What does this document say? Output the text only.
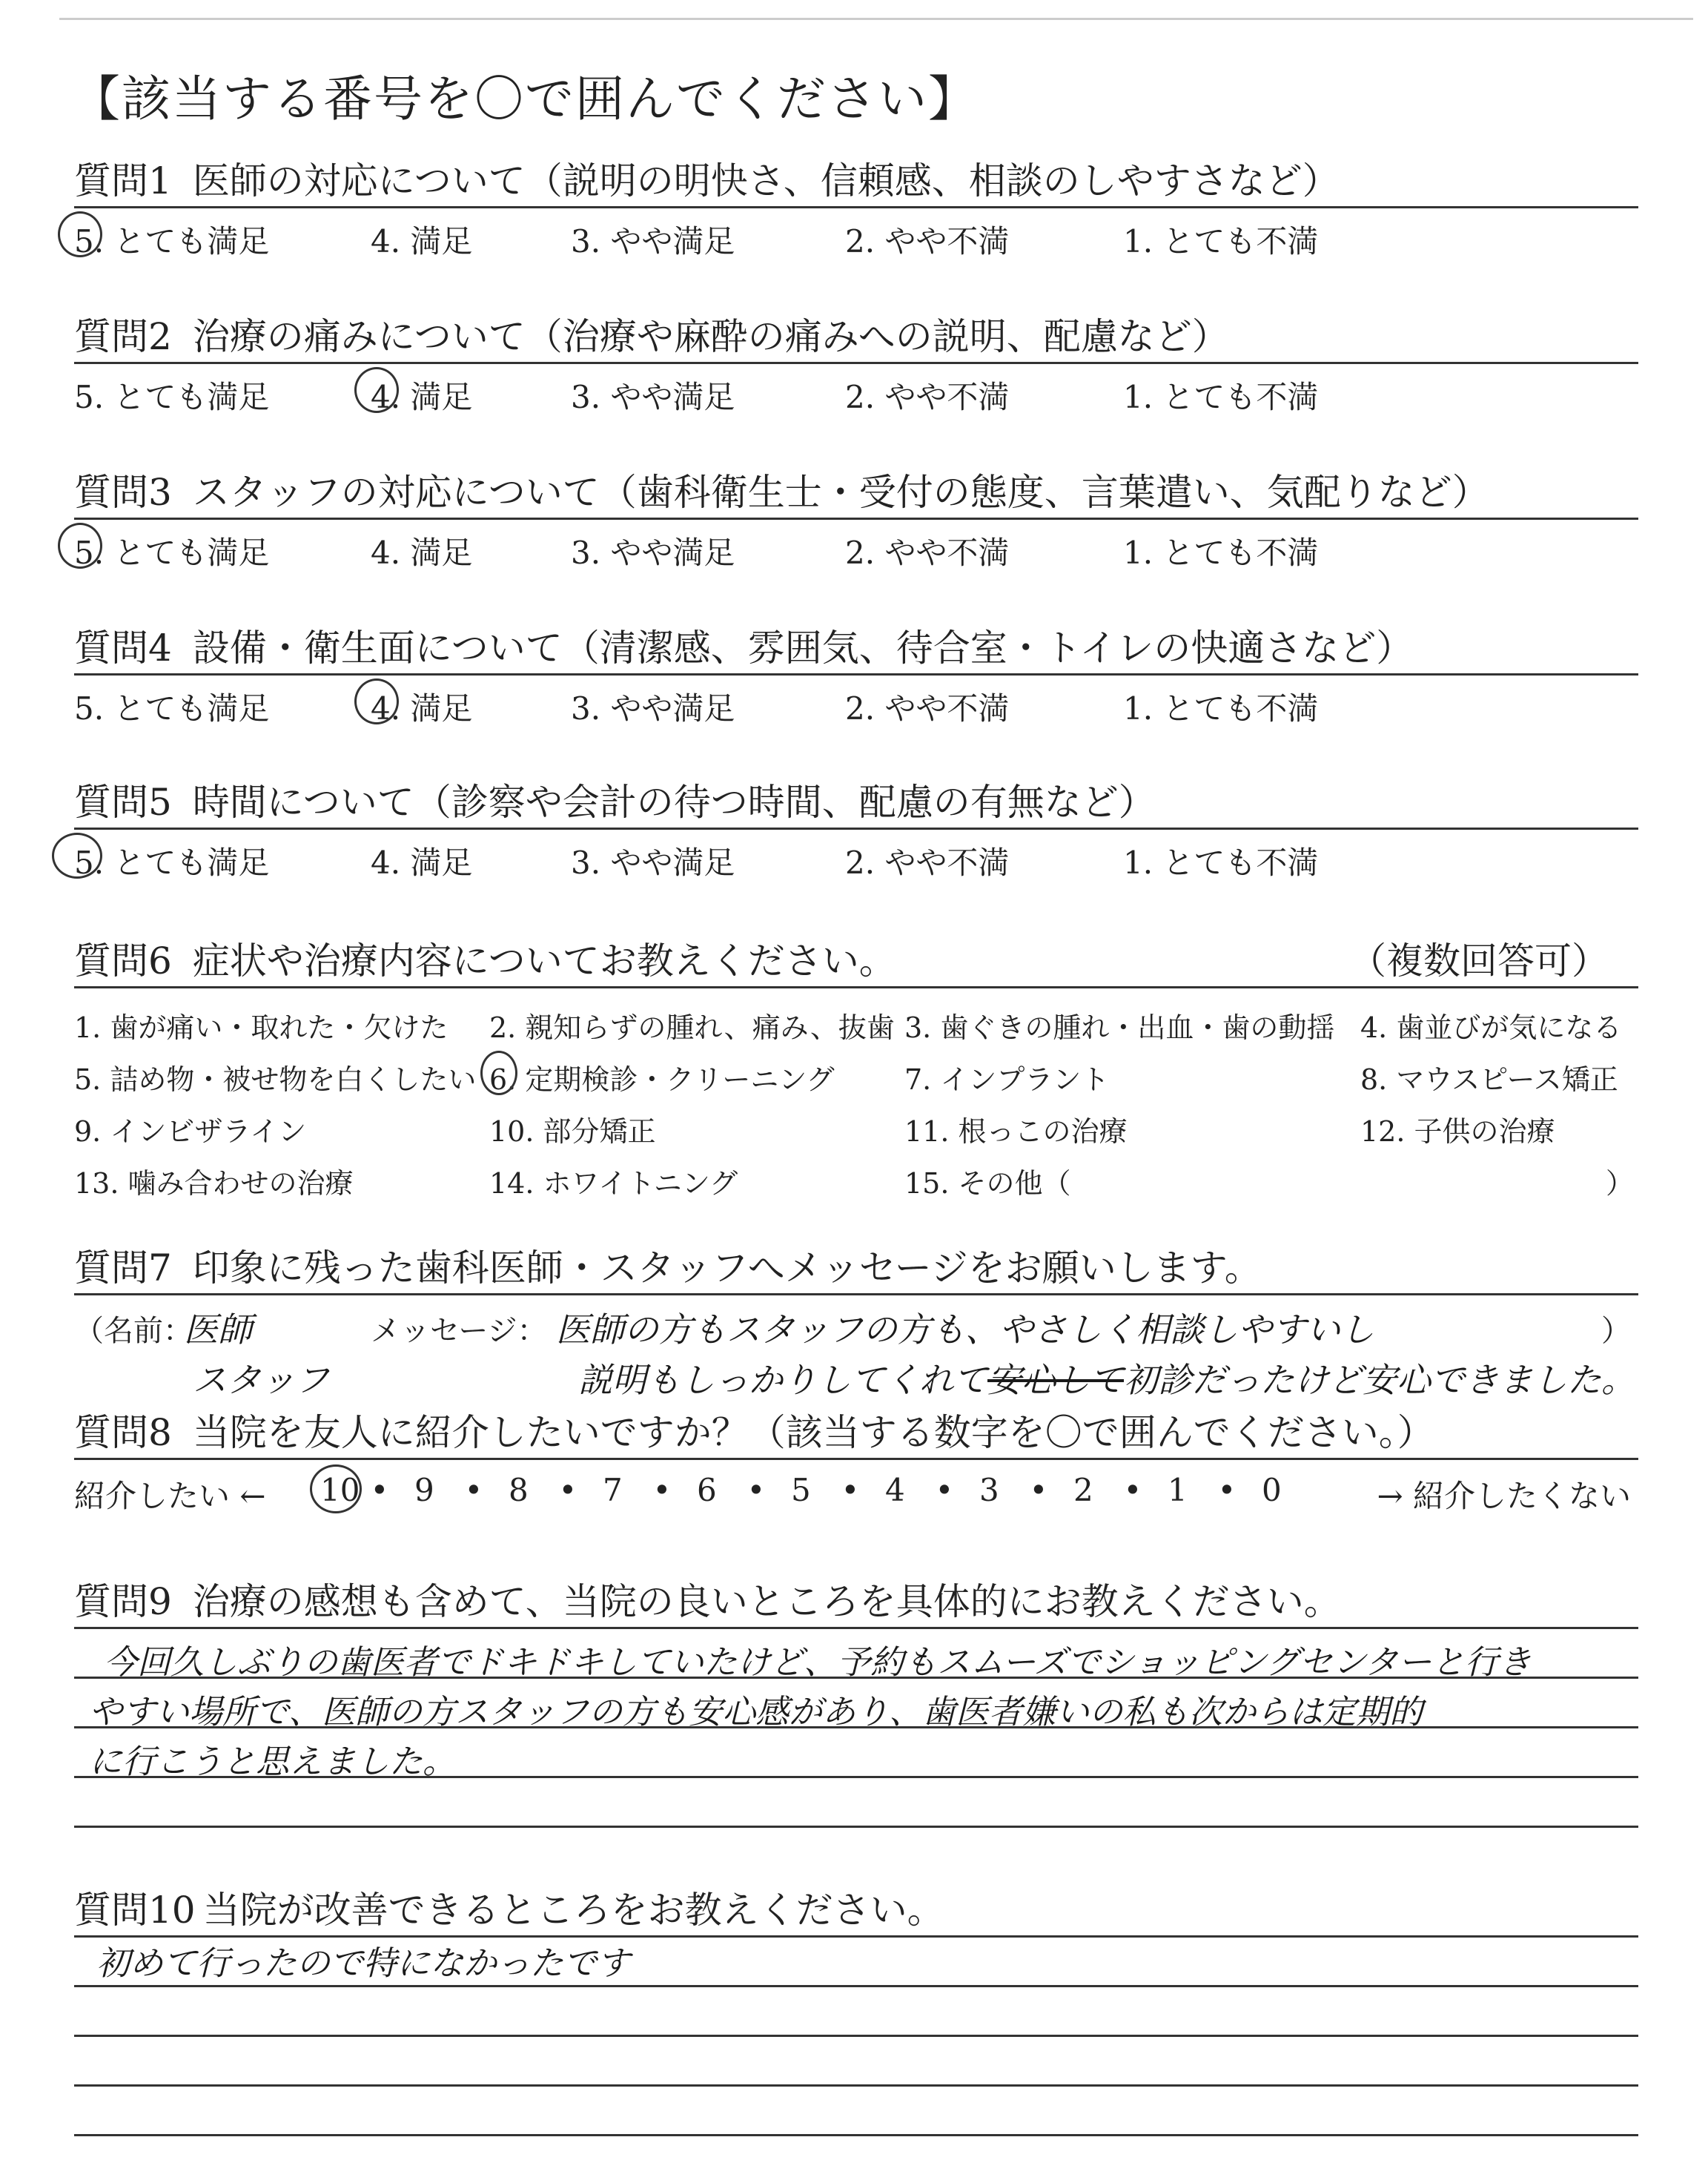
【該当する番号を〇で囲んでください】
質問1 医師の対応について（説明の明快さ、信頼感、相談のしやすさなど）
5. とても満足	4. 満足	3. やや満足	2. やや不満	1. とても不満
質問2 治療の痛みについて（治療や麻酔の痛みへの説明、配慮など）
5. とても満足	4. 満足	3. やや満足	2. やや不満	1. とても不満
質問3 スタッフの対応について（歯科衛生士・受付の態度、言葉遣い、気配りなど）
5. とても満足	4. 満足	3. やや満足	2. やや不満	1. とても不満
質問4 設備・衛生面について（清潔感、雰囲気、待合室・トイレの快適さなど）
5. とても満足	4. 満足	3. やや満足	2. やや不満	1. とても不満
質問5 時間について（診察や会計の待つ時間、配慮の有無など）
5. とても満足	4. 満足	3. やや満足	2. やや不満	1. とても不満
質問6 症状や治療内容についてお教えください。	（複数回答可）
1. 歯が痛い・取れた・欠けた 2. 親知らずの腫れ、痛み、抜歯 3. 歯ぐきの腫れ・出血・歯の動揺 4. 歯並びが気になる
5. 詰め物・被せ物を白くしたい 6. 定期検診・クリーニング 7. インプラント	8. マウスピース矯正
9. インビザライン	10. 部分矯正	11. 根っこの治療	12. 子供の治療
13. 噛み合わせの治療	14. ホワイトニング	15. その他（	）
質問7 印象に残った歯科医師・スタッフへメッセージをお願いします。
（名前：
医師
スタッフ
メッセージ： 医師の方もスタッフの方も、やさしく相談しやすいし
説明もしっかりしてくれて安心して初診だったけど安心できました。
）
質問8 当院を友人に紹介したいですか？（該当する数字を〇で囲んでください。）
紹介したい ←	→ 紹介したくない
10 • 9 • 8 • 7 • 6 • 5 • 4 • 3 • 2 • 1 • 0
質問9 治療の感想も含めて、当院の良いところを具体的にお教えください。
今回久しぶりの歯医者でドキドキしていたけど、予約もスムーズでショッピングセンターと行き
やすい場所で、医師の方スタッフの方も安心感があり、歯医者嫌いの私も次からは定期的
に行こうと思えました。
質問10 当院が改善できるところをお教えください。
初めて行ったので特になかったです
